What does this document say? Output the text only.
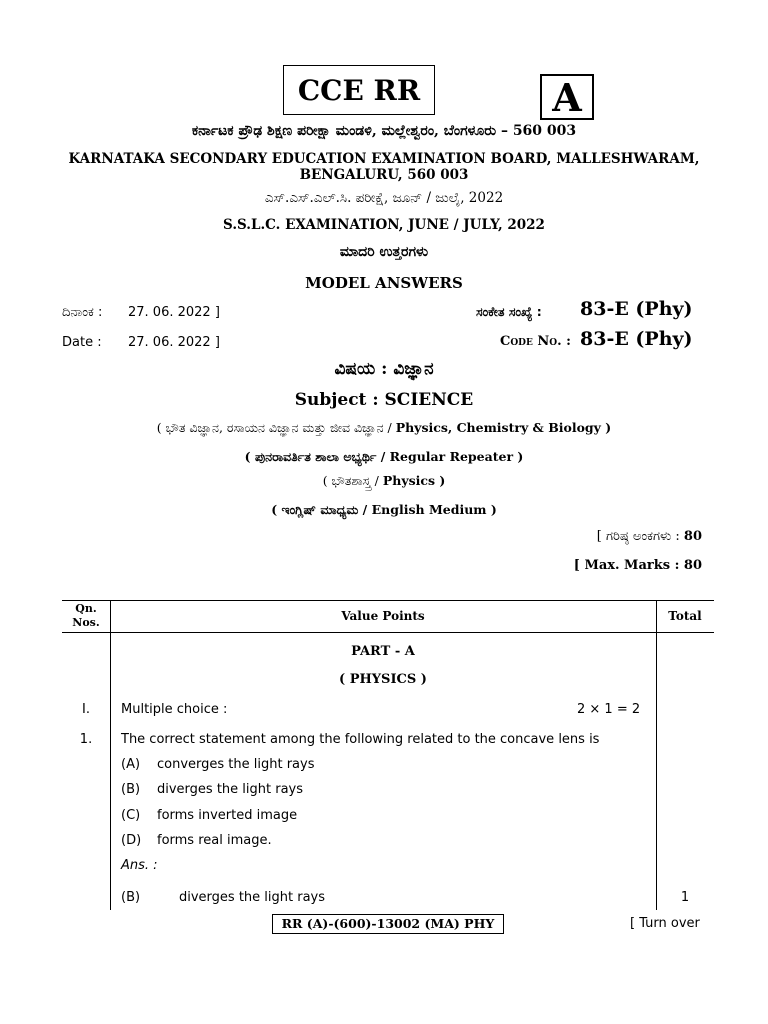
CCE RR	A
ಕರ್ನಾಟಕ ಪ್ರೌಢ ಶಿಕ್ಷಣ ಪರೀಕ್ಷಾ ಮಂಡಳಿ, ಮಲ್ಲೇಶ್ವರಂ, ಬೆಂಗಳೂರು – 560 003
KARNATAKA SECONDARY EDUCATION EXAMINATION BOARD, MALLESHWARAM,
BENGALURU, 560 003
ಎಸ್.ಎಸ್.ಎಲ್.ಸಿ. ಪರೀಕ್ಷೆ, ಜೂನ್ / ಜುಲೈ, 2022
S.S.L.C. EXAMINATION, JUNE / JULY, 2022
ಮಾದರಿ ಉತ್ತರಗಳು
MODEL ANSWERS
ದಿನಾಂಕ : 27. 06. 2022 ]	ಸಂಕೇತ ಸಂಖ್ಯೆ : 83-E (Phy)
Date : 27. 06. 2022 ]	Code No. : 83-E (Phy)
ವಿಷಯ : ವಿಜ್ಞಾನ
Subject : SCIENCE
( ಭೌತ ವಿಜ್ಞಾನ, ರಸಾಯನ ವಿಜ್ಞಾನ ಮತ್ತು ಜೀವ ವಿಜ್ಞಾನ / Physics, Chemistry & Biology )
( ಪುನರಾವರ್ತಿತ ಶಾಲಾ ಅಭ್ಯರ್ಥಿ / Regular Repeater )
( ಭೌತಶಾಸ್ತ್ರ / Physics )
( ಇಂಗ್ಲಿಷ್ ಮಾಧ್ಯಮ / English Medium )
[ ಗರಿಷ್ಠ ಅಂಕಗಳು : 80
[ Max. Marks : 80
Qn. Nos.	Value Points	Total
PART - A
( PHYSICS )
I.	Multiple choice :	2 × 1 = 2
1.	The correct statement among the following related to the concave lens is
(A) converges the light rays
(B) diverges the light rays
(C) forms inverted image
(D) forms real image.
Ans. :
(B)	diverges the light rays	1
RR (A)-(600)-13002 (MA) PHY	[ Turn over
